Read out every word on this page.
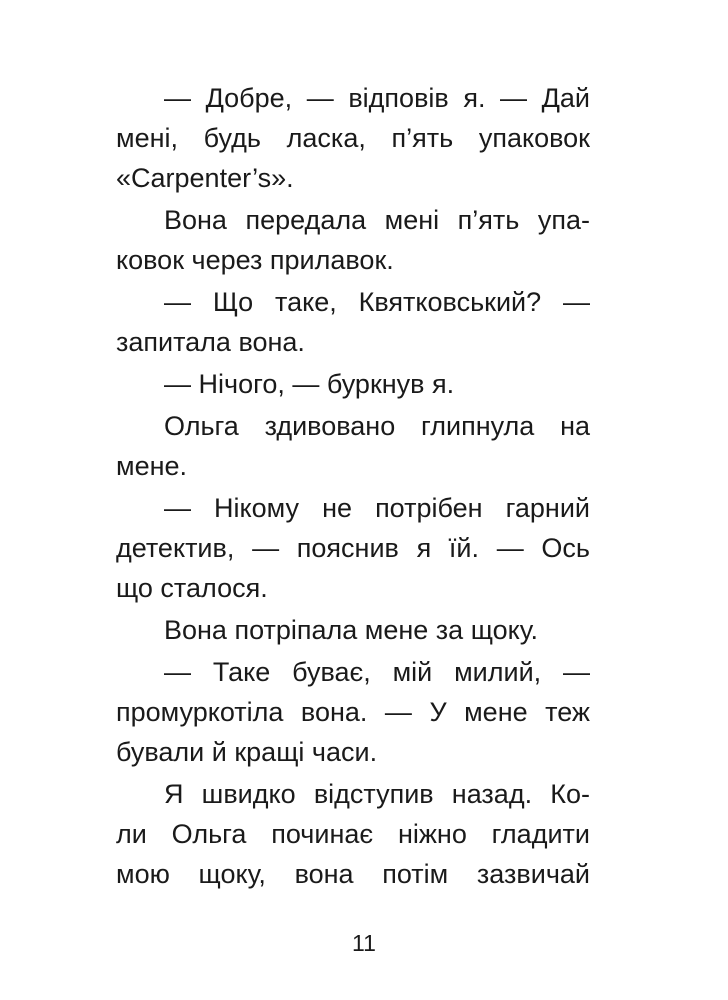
— Добре, — відповів я. — Дай
мені, будь ласка, п’ять упаковок
«Carpenter’s».
Вона передала мені п’ять упа-
ковок через прилавок.
— Що таке, Квятковський? —
запитала вона.
— Нічого, — буркнув я.
Ольга здивовано глипнула на
мене.
— Нікому не потрібен гарний
детектив, — пояснив я їй. — Ось
що сталося.
Вона потріпала мене за щоку.
— Таке буває, мій милий, —
промуркотіла вона. — У мене теж
бували й кращі часи.
Я швидко відступив назад. Ко-
ли Ольга починає ніжно гладити
мою щоку, вона потім зазвичай
11
